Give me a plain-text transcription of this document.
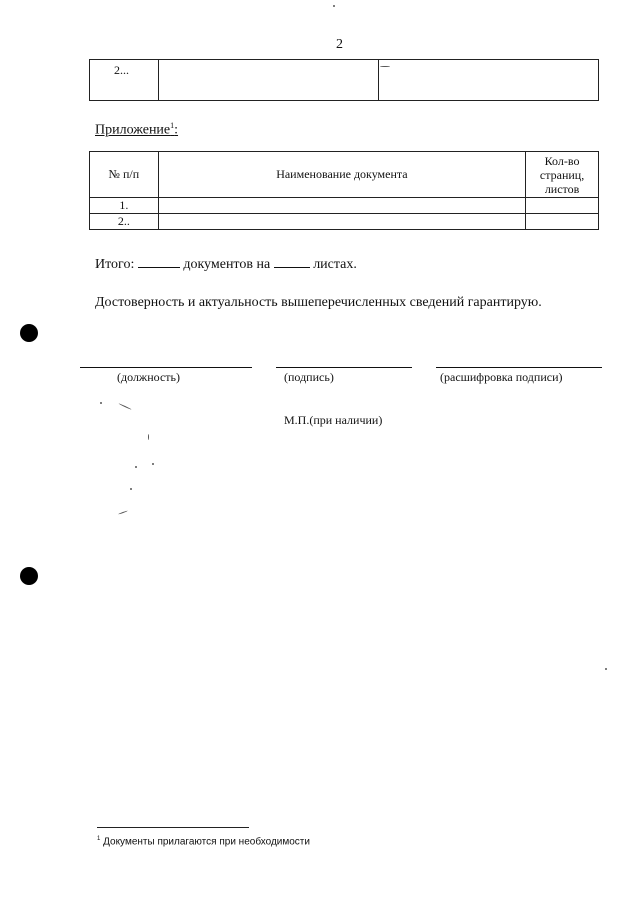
2
2...		
Приложение$^1$:
№ п/п	Наименование документа	Кол-во
страниц,
листов
1.		
2..		
Итого:	документов на	листах.
Достоверность и актуальность вышеперечисленных сведений гарантирую.
(должность)	(подпись)	(расшифровка подписи)
М.П.(при наличии)
$^1$ Документы прилагаются при необходимости
